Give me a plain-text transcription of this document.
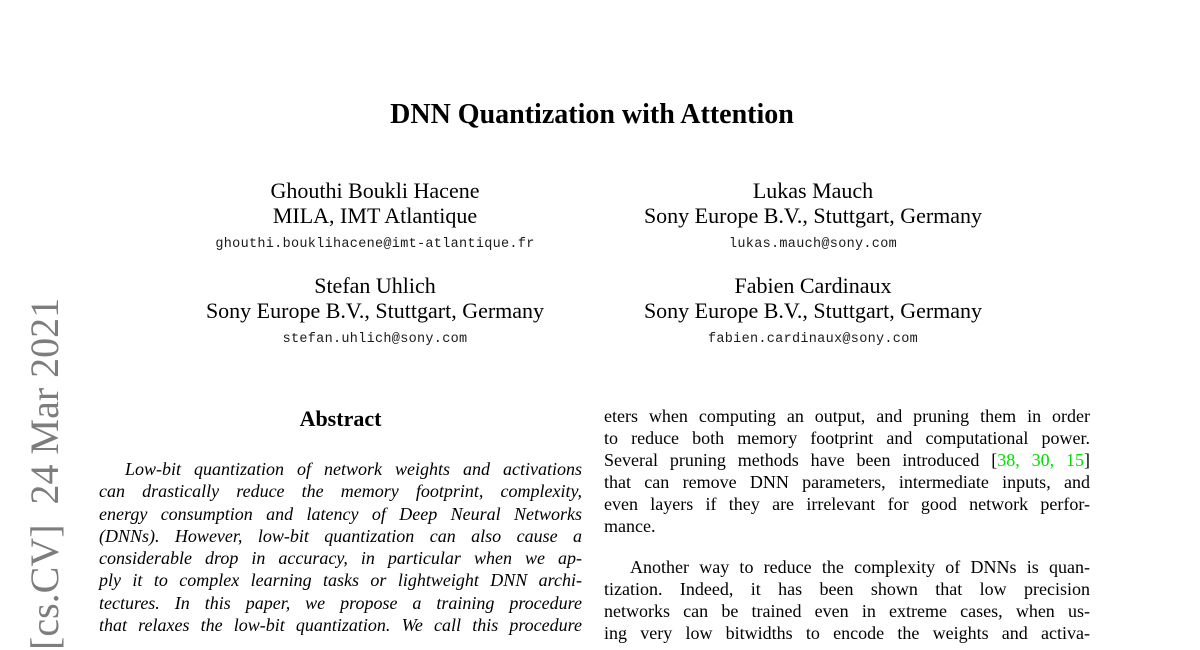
[cs.CV]  24 Mar 2021
DNN Quantization with Attention
Ghouthi Boukli Hacene
MILA, IMT Atlantique
ghouthi.bouklihacene@imt-atlantique.fr
Lukas Mauch
Sony Europe B.V., Stuttgart, Germany
lukas.mauch@sony.com
Stefan Uhlich
Sony Europe B.V., Stuttgart, Germany
stefan.uhlich@sony.com
Fabien Cardinaux
Sony Europe B.V., Stuttgart, Germany
fabien.cardinaux@sony.com
Abstract
Low-bit quantization of network weights and activations
can drastically reduce the memory footprint, complexity,
energy consumption and latency of Deep Neural Networks
(DNNs). However, low-bit quantization can also cause a
considerable drop in accuracy, in particular when we ap-
ply it to complex learning tasks or lightweight DNN archi-
tectures. In this paper, we propose a training procedure
that relaxes the low-bit quantization. We call this procedure
eters when computing an output, and pruning them in order
to reduce both memory footprint and computational power.
Several pruning methods have been introduced [38, 30, 15]
that can remove DNN parameters, intermediate inputs, and
even layers if they are irrelevant for good network perfor-
mance.
Another way to reduce the complexity of DNNs is quan-
tization. Indeed, it has been shown that low precision
networks can be trained even in extreme cases, when us-
ing very low bitwidths to encode the weights and activa-
